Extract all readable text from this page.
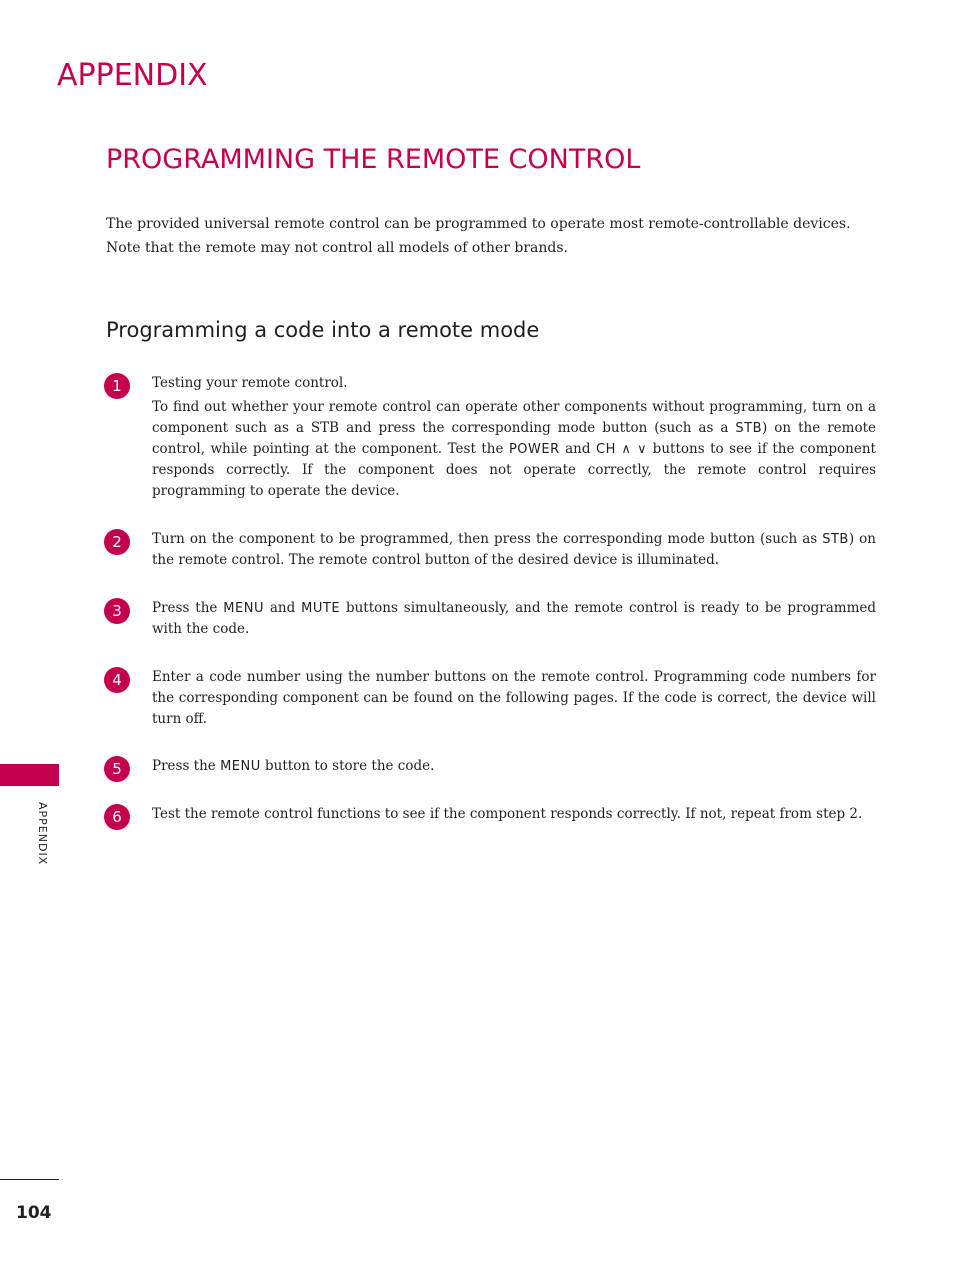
APPENDIX
PROGRAMMING THE REMOTE CONTROL

The provided universal remote control can be programmed to operate most remote-controllable devices.

Note that the remote may not control all models of other brands.

Programming a code into a remote mode
1	Testing your remote control.

To find out whether your remote control can operate other components without programming, turn on a component such as a STB and press the corresponding mode button (such as a STB) on the remote control, while pointing at the component. Test the POWER and CH ∧ ∨ buttons to see if the component responds correctly. If the component does not operate correctly, the remote control requires programming to operate the device.

2	Turn on the component to be programmed, then press the corresponding mode button (such as STB) on the remote control. The remote control button of the desired device is illuminated.

3	Press the MENU and MUTE buttons simultaneously, and the remote control is ready to be programmed with the code.

4	Enter a code number using the number buttons on the remote control. Programming code numbers for the corresponding component can be found on the following pages. If the code is correct, the device will turn off.

5	Press the MENU button to store the code.

6	Test the remote control functions to see if the component responds correctly. If not, repeat from step 2.

APPENDIX
104
